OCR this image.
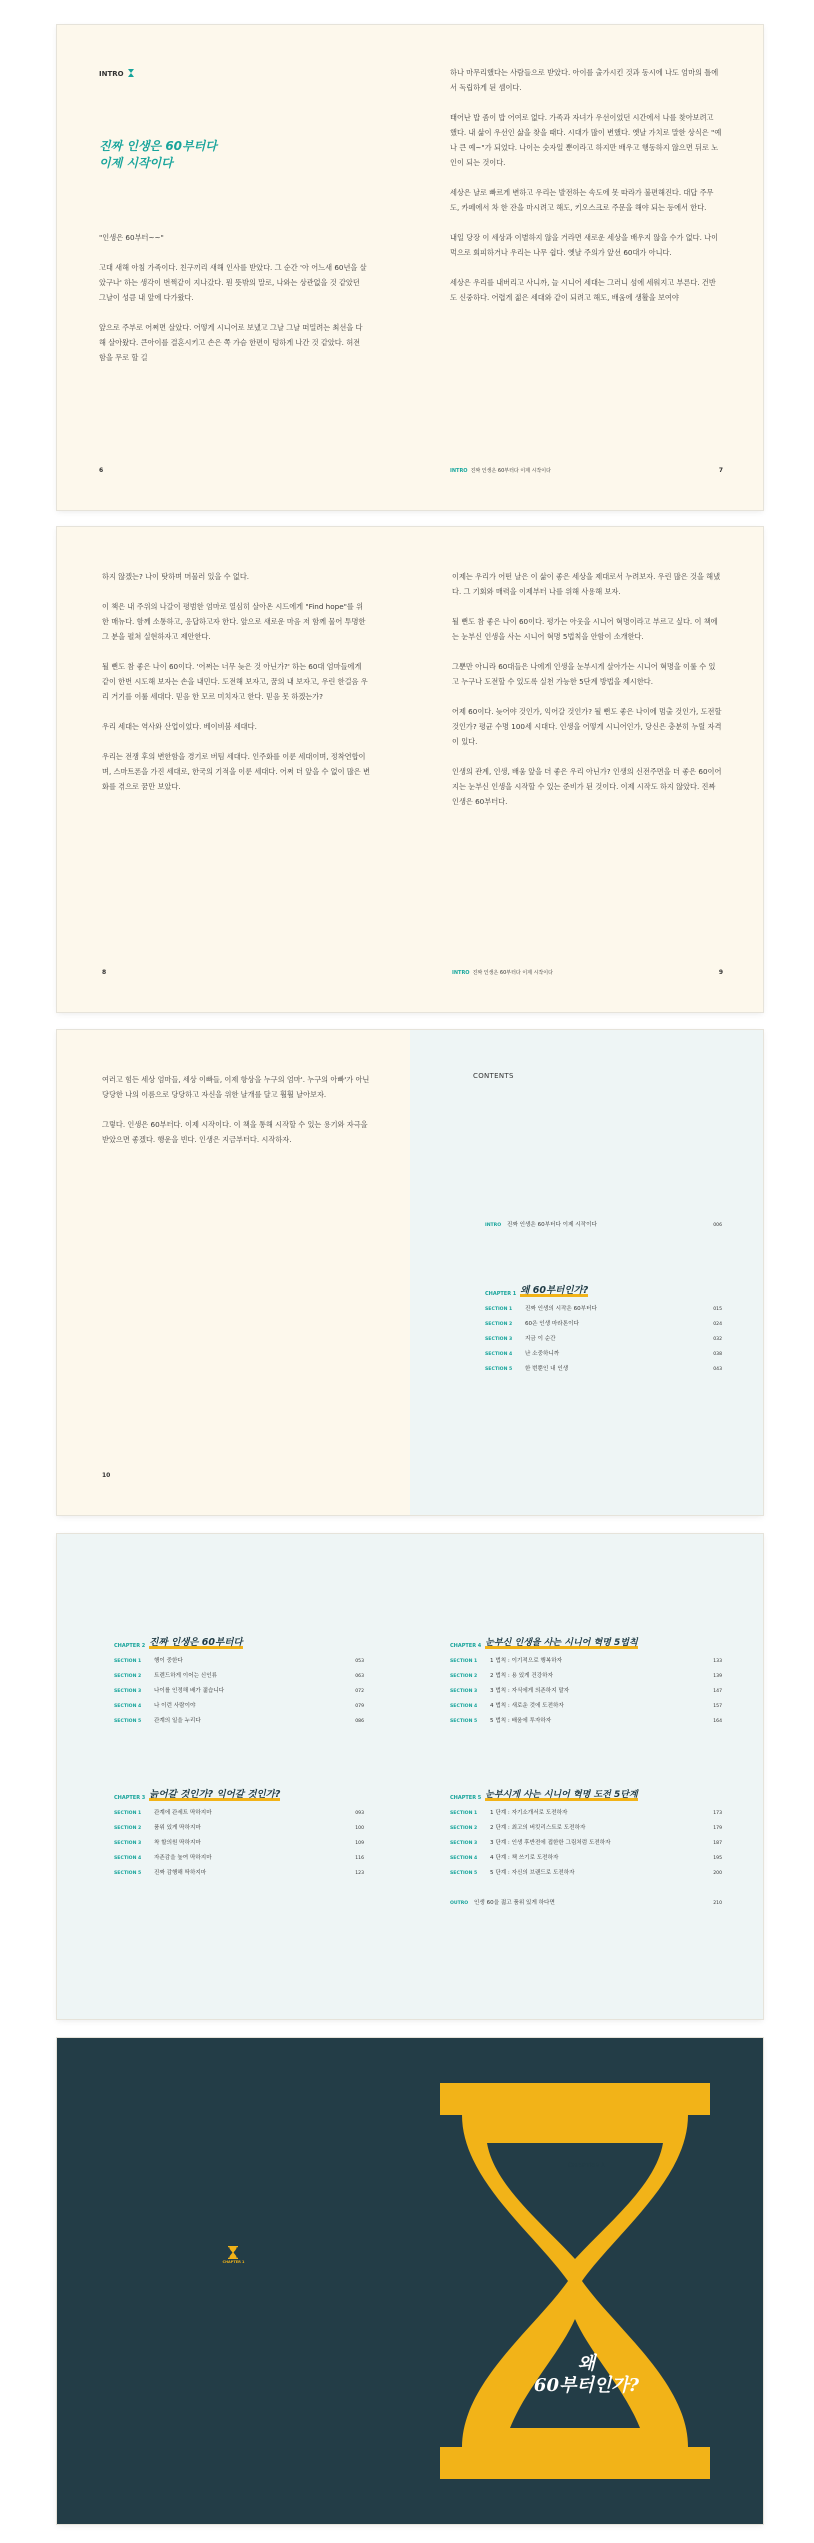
INTRO
진짜 인생은 60부터다
이제 시작이다

"인생은 60부터~~"

고대 새해 아침 가족이다. 친구끼리 새해 인사를 받았다. 그 순간 '아 어느새 60년을 살았구나' 하는 생각이 번쩍같이 지나갔다. 뭔 뜻밖의 말로, 나와는 상관없을 것 같았던 그날이 성큼 내 앞에 다가왔다.

앞으로 주부로 어쩌면 살았다. 어떻게 시니어로 보냈고 그날 그날 떠밀려는 최선을 다해 살아왔다. 큰아이를 결혼시키고 손은 쪽 가슴 한편이 텅하게 나간 것 같았다. 허전함을 무로 할 길

6

하나 마무리했다는 사람들으로 받았다. 아이를 출가시킨 것과 동시에 나도 엄마의 틀에서 독립하게 된 셈이다.

태어난 밥 좀이 밥 어여로 없다. 가족과 자녀가 우선이었던 시간에서 나를 찾아보려고 했다. 내 삶이 우선인 삶을 찾을 때다. 시대가 많이 변했다. 옛날 가치로 말한 상식은 "예나 큰 예~"가 되었다. 나이는 숫자일 뿐이라고 하지만 배우고 행동하지 않으면 뒤로 노인이 되는 것이다.

세상은 날로 빠르게 변하고 우리는 발전하는 속도에 못 따라가 불편해진다. 대답 주무도, 카페에서 차 한 잔을 마시려고 해도, 키오스크로 주문을 해야 되는 등에서 한다.

내일 당장 이 세상과 이별하지 않을 거라면 새로운 세상을 배우지 않을 수가 없다. 나이 먹으로 회피하거나 우리는 나무 쉽다. 옛날 주의가 앞선 60대가 아니다.

세상은 우리를 내버리고 사니까, 늘 시니어 세대는 그러니 섬에 세워지고 부른다. 건반도 신중하다. 어렵게 젊은 세대와 같이 되려고 해도, 배움에 생활을 보여야

INTRO 진짜 인생은 60부터다 이제 시작이다	7

하지 않겠는? 나이 탓하며 머물러 있을 수 없다.

이 책은 내 주위의 나갈이 평범한 엄마로 열심히 살아온 시드에게 "Find hope"를 위한 매뉴다. 함께 소통하고, 응답하고자 한다. 앞으로 새로운 마음 저 함께 물어 투명한 그 분을 펼쳐 실현하자고 제안한다.

될 뻔도 참 좋은 나이 60이다. '어쩌는 너무 늦은 것 아닌가?' 하는 60대 엄마들에게 같이 한번 시도해 보자는 손을 내민다. 도전해 보자고, 꿈의 내 보자고, 우린 한걸음 우리 거기를 이룰 세대다. 믿음 한 모르 미치자고 한다. 믿음 못 하겠는가?

우리 세대는 역사와 산업이었다. 베이비붐 세대다.

우리는 전쟁 후의 변한함을 경기로 버팀 세대다. 인주화를 이룬 세대이며, 정착연합이며, 스마트폰을 가진 세대로, 한국의 기적을 이룬 세대다. 어쩌 더 앞을 수 없이 많은 변화를 겪으로 꿈만 보았다.

8

이제는 우리가 어떤 날은 이 삶이 좋은 세상을 제대로서 누려보자. 우린 많은 것을 해냈다. 그 기회와 매력을 이제부터 나를 위해 사용해 보자.

될 뻔도 참 좋은 나이 60이다. 평가는 아웃을 시니어 혁명이라고 부르고 싶다. 이 책에는 눈부신 인생을 사는 시니어 혁명 5법칙을 안함이 소개한다.

그뿐만 아니라 60대들은 나에게 인생을 눈부시게 살아가는 시니어 혁명을 이룰 수 있고 누구나 도전할 수 있도록 실천 가능한 5단계 방법을 제시한다.

어제 60이다. 늦어야 것인가, 익어갈 것인가? 될 뻔도 좋은 나이에 멈출 것인가, 도전할 것인가? 평균 수명 100세 시대다. 인생을 어떻게 시니어인가, 당신은 충분히 누릴 자격이 있다.

인생의 관계, 인생, 배움 앞을 더 좋은 우리 아닌가? 인생의 신전주면을 더 좋은 60이어지는 눈부신 인생을 시작할 수 있는 준비가 된 것이다. 이제 시작도 하지 않았다. 진짜 인생은 60부터다.

INTRO 진짜 인생은 60부터다 이제 시작이다	9

여러고 힘든 세상 엄마들, 세상 이빠들, 이제 항상을 누구의 엄마'. 누구의 아빠'가 아닌 당당한 나의 이름으로 당당하고 자신을 위한 날개를 달고 훨훨 날아보자.

그렇다. 인생은 60부터다. 이제 시작이다. 이 책을 통해 시작할 수 있는 용기와 자극을 받았으면 좋겠다. 행운을 빈다. 인생은 지금부터다. 시작하자.

10
CONTENTS
INTRO	진짜 인생은 60부터다 이제 시작이다	006
CHAPTER 1 왜 60부터인가?
SECTION 1	진짜 인생의 시작은 60부터다	015
SECTION 2	60은 인생 마라톤이다	024
SECTION 3	지금 이 순간	032
SECTION 4	난 소중하니까	038
SECTION 5	한 번뿐인 내 인생	043
CHAPTER 2 진짜 인생은 60부터다
SECTION 1	행이 중한다	053
SECTION 2	트렌드하게 이어는 신인류	063
SECTION 3	나이를 인정해 배가 젊습니다	072
SECTION 4	나 이런 사람이야	079
SECTION 5	관계의 일을 누리다	086
CHAPTER 3 늙어갈 것인가? 익어갈 것인가?
SECTION 1	관계에 관세트 딱하지마	093
SECTION 2	품위 있게 딱하지마	100
SECTION 3	착 할의원 딱하지마	109
SECTION 4	자존감을 높여 딱하지마	116
SECTION 5	진짜 감행해 딱하지마	123
CHAPTER 4 눈부신 인생을 사는 시니어 혁명 5법칙
SECTION 1	1 법칙 : 이기적으로 행복하자	133
SECTION 2	2 법칙 : 용 있게 건강하자	139
SECTION 3	3 법칙 : 자식에게 의존하지 말자	147
SECTION 4	4 법칙 : 새로운 것에 도전하자	157
SECTION 5	5 법칙 : 배움에 투자하자	164
CHAPTER 5 눈부시게 사는 시니어 혁명 도전 5단계
SECTION 1	1 단계 : 자기소개서로 도전하자	173
SECTION 2	2 단계 : 최고의 버킷리스트로 도전하자	179
SECTION 3	3 단계 : 인생 후반전에 접한한 그림처럼 도전하자	187
SECTION 4	4 단계 : 책 쓰기로 도전하자	195
SECTION 5	5 단계 : 자신의 브랜드로 도전하자	200
OUTRO	인생 60을 젊고 품위 있게 하다면	210
CHAPTER 1
CHAPTER 1
왜
60부터인가?
